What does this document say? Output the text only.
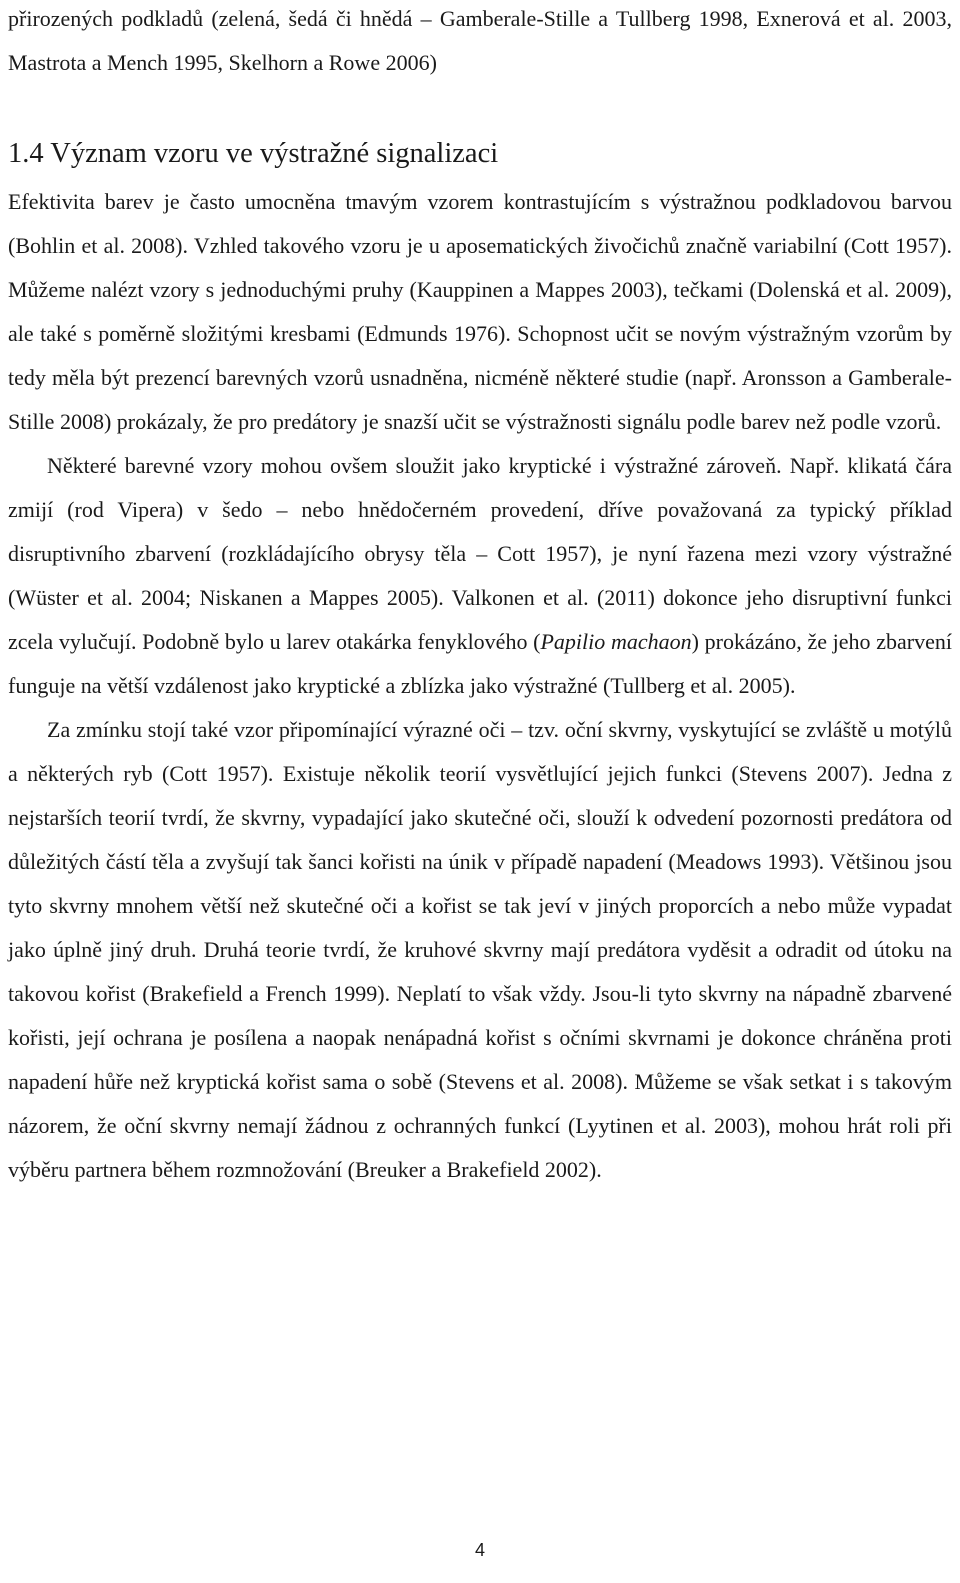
přirozených podkladů (zelená, šedá či hnědá – Gamberale-Stille a Tullberg 1998, Exnerová et al. 2003, Mastrota a Mench 1995, Skelhorn a Rowe 2006)

1.4 Význam vzoru ve výstražné signalizaci

Efektivita barev je často umocněna tmavým vzorem kontrastujícím s výstražnou podkladovou barvou (Bohlin et al. 2008). Vzhled takového vzoru je u aposematických živočichů značně variabilní (Cott 1957). Můžeme nalézt vzory s jednoduchými pruhy (Kauppinen a Mappes 2003), tečkami (Dolenská et al. 2009), ale také s poměrně složitými kresbami (Edmunds 1976). Schopnost učit se novým výstražným vzorům by tedy měla být prezencí barevných vzorů usnadněna, nicméně některé studie (např. Aronsson a Gamberale-Stille 2008) prokázaly, že pro predátory je snazší učit se výstražnosti signálu podle barev než podle vzorů.

Některé barevné vzory mohou ovšem sloužit jako kryptické i výstražné zároveň. Např. klikatá čára zmijí (rod Vipera) v šedo – nebo hnědočerném provedení, dříve považovaná za typický příklad disruptivního zbarvení (rozkládajícího obrysy těla – Cott 1957), je nyní řazena mezi vzory výstražné (Wüster et al. 2004; Niskanen a Mappes 2005). Valkonen et al. (2011) dokonce jeho disruptivní funkci zcela vylučují. Podobně bylo u larev otakárka fenyklového (Papilio machaon) prokázáno, že jeho zbarvení funguje na větší vzdálenost jako kryptické a zblízka jako výstražné (Tullberg et al. 2005).

Za zmínku stojí také vzor připomínající výrazné oči – tzv. oční skvrny, vyskytující se zvláště u motýlů a některých ryb (Cott 1957). Existuje několik teorií vysvětlující jejich funkci (Stevens 2007). Jedna z nejstarších teorií tvrdí, že skvrny, vypadající jako skutečné oči, slouží k odvedení pozornosti predátora od důležitých částí těla a zvyšují tak šanci kořisti na únik v případě napadení (Meadows 1993). Většinou jsou tyto skvrny mnohem větší než skutečné oči a kořist se tak jeví v jiných proporcích a nebo může vypadat jako úplně jiný druh. Druhá teorie tvrdí, že kruhové skvrny mají predátora vyděsit a odradit od útoku na takovou kořist (Brakefield a French 1999). Neplatí to však vždy. Jsou-li tyto skvrny na nápadně zbarvené kořisti, její ochrana je posílena a naopak nenápadná kořist s očními skvrnami je dokonce chráněna proti napadení hůře než kryptická kořist sama o sobě (Stevens et al. 2008). Můžeme se však setkat i s takovým názorem, že oční skvrny nemají žádnou z ochranných funkcí (Lyytinen et al. 2003), mohou hrát roli při výběru partnera během rozmnožování (Breuker a Brakefield 2002).

4
